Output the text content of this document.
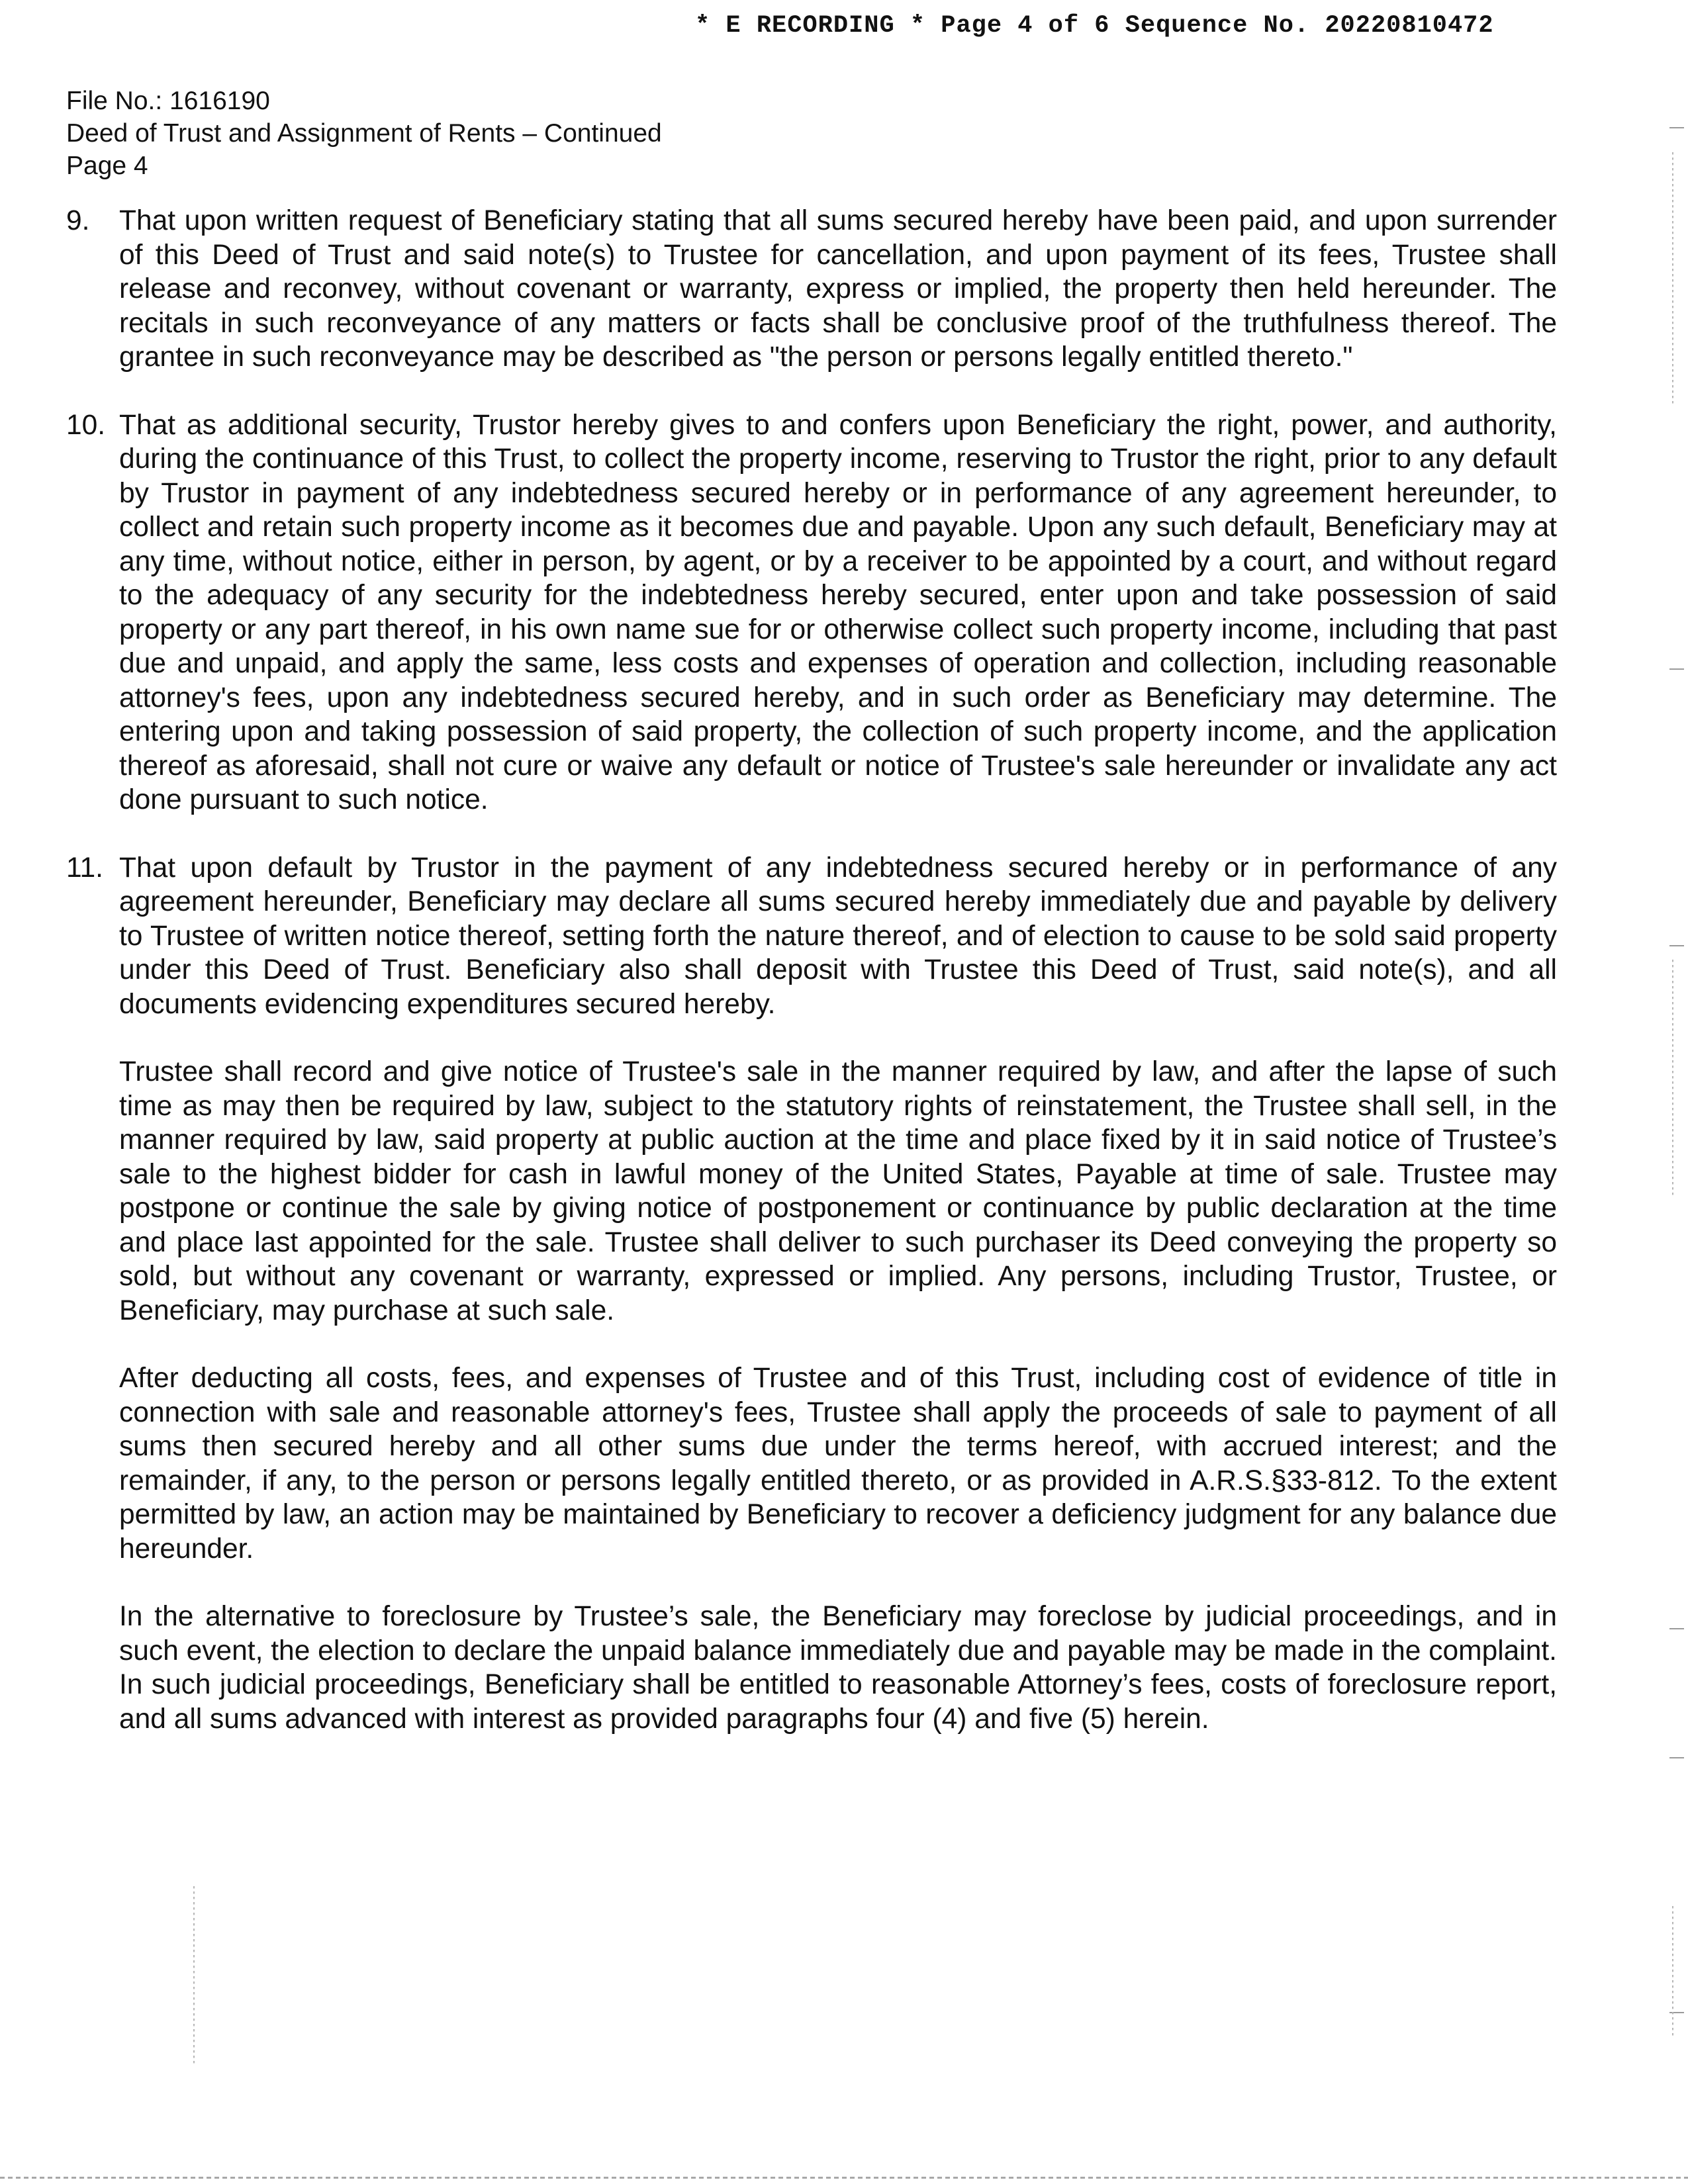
* E RECORDING * Page 4 of 6 Sequence No. 20220810472
File No.: 1616190
Deed of Trust and Assignment of Rents – Continued
Page 4
9. That upon written request of Beneficiary stating that all sums secured hereby have been paid, and upon surrender of this Deed of Trust and said note(s) to Trustee for cancellation, and upon payment of its fees, Trustee shall release and reconvey, without covenant or warranty, express or implied, the property then held hereunder. The recitals in such reconveyance of any matters or facts shall be conclusive proof of the truthfulness thereof. The grantee in such reconveyance may be described as "the person or persons legally entitled thereto."

10. That as additional security, Trustor hereby gives to and confers upon Beneficiary the right, power, and authority, during the continuance of this Trust, to collect the property income, reserving to Trustor the right, prior to any default by Trustor in payment of any indebtedness secured hereby or in performance of any agreement hereunder, to collect and retain such property income as it becomes due and payable. Upon any such default, Beneficiary may at any time, without notice, either in person, by agent, or by a receiver to be appointed by a court, and without regard to the adequacy of any security for the indebtedness hereby secured, enter upon and take possession of said property or any part thereof, in his own name sue for or otherwise collect such property income, including that past due and unpaid, and apply the same, less costs and expenses of operation and collection, including reasonable attorney's fees, upon any indebtedness secured hereby, and in such order as Beneficiary may determine. The entering upon and taking possession of said property, the collection of such property income, and the application thereof as aforesaid, shall not cure or waive any default or notice of Trustee's sale hereunder or invalidate any act done pursuant to such notice.

11. That upon default by Trustor in the payment of any indebtedness secured hereby or in performance of any agreement hereunder, Beneficiary may declare all sums secured hereby immediately due and payable by delivery to Trustee of written notice thereof, setting forth the nature thereof, and of election to cause to be sold said property under this Deed of Trust. Beneficiary also shall deposit with Trustee this Deed of Trust, said note(s), and all documents evidencing expenditures secured hereby.

Trustee shall record and give notice of Trustee's sale in the manner required by law, and after the lapse of such time as may then be required by law, subject to the statutory rights of reinstatement, the Trustee shall sell, in the manner required by law, said property at public auction at the time and place fixed by it in said notice of Trustee’s sale to the highest bidder for cash in lawful money of the United States, Payable at time of sale. Trustee may postpone or continue the sale by giving notice of postponement or continuance by public declaration at the time and place last appointed for the sale. Trustee shall deliver to such purchaser its Deed conveying the property so sold, but without any covenant or warranty, expressed or implied. Any persons, including Trustor, Trustee, or Beneficiary, may purchase at such sale.

After deducting all costs, fees, and expenses of Trustee and of this Trust, including cost of evidence of title in connection with sale and reasonable attorney's fees, Trustee shall apply the proceeds of sale to payment of all sums then secured hereby and all other sums due under the terms hereof, with accrued interest; and the remainder, if any, to the person or persons legally entitled thereto, or as provided in A.R.S.§33-812. To the extent permitted by law, an action may be maintained by Beneficiary to recover a deficiency judgment for any balance due hereunder.

In the alternative to foreclosure by Trustee’s sale, the Beneficiary may foreclose by judicial proceedings, and in such event, the election to declare the unpaid balance immediately due and payable may be made in the complaint. In such judicial proceedings, Beneficiary shall be entitled to reasonable Attorney’s fees, costs of foreclosure report, and all sums advanced with interest as provided paragraphs four (4) and five (5) herein.
